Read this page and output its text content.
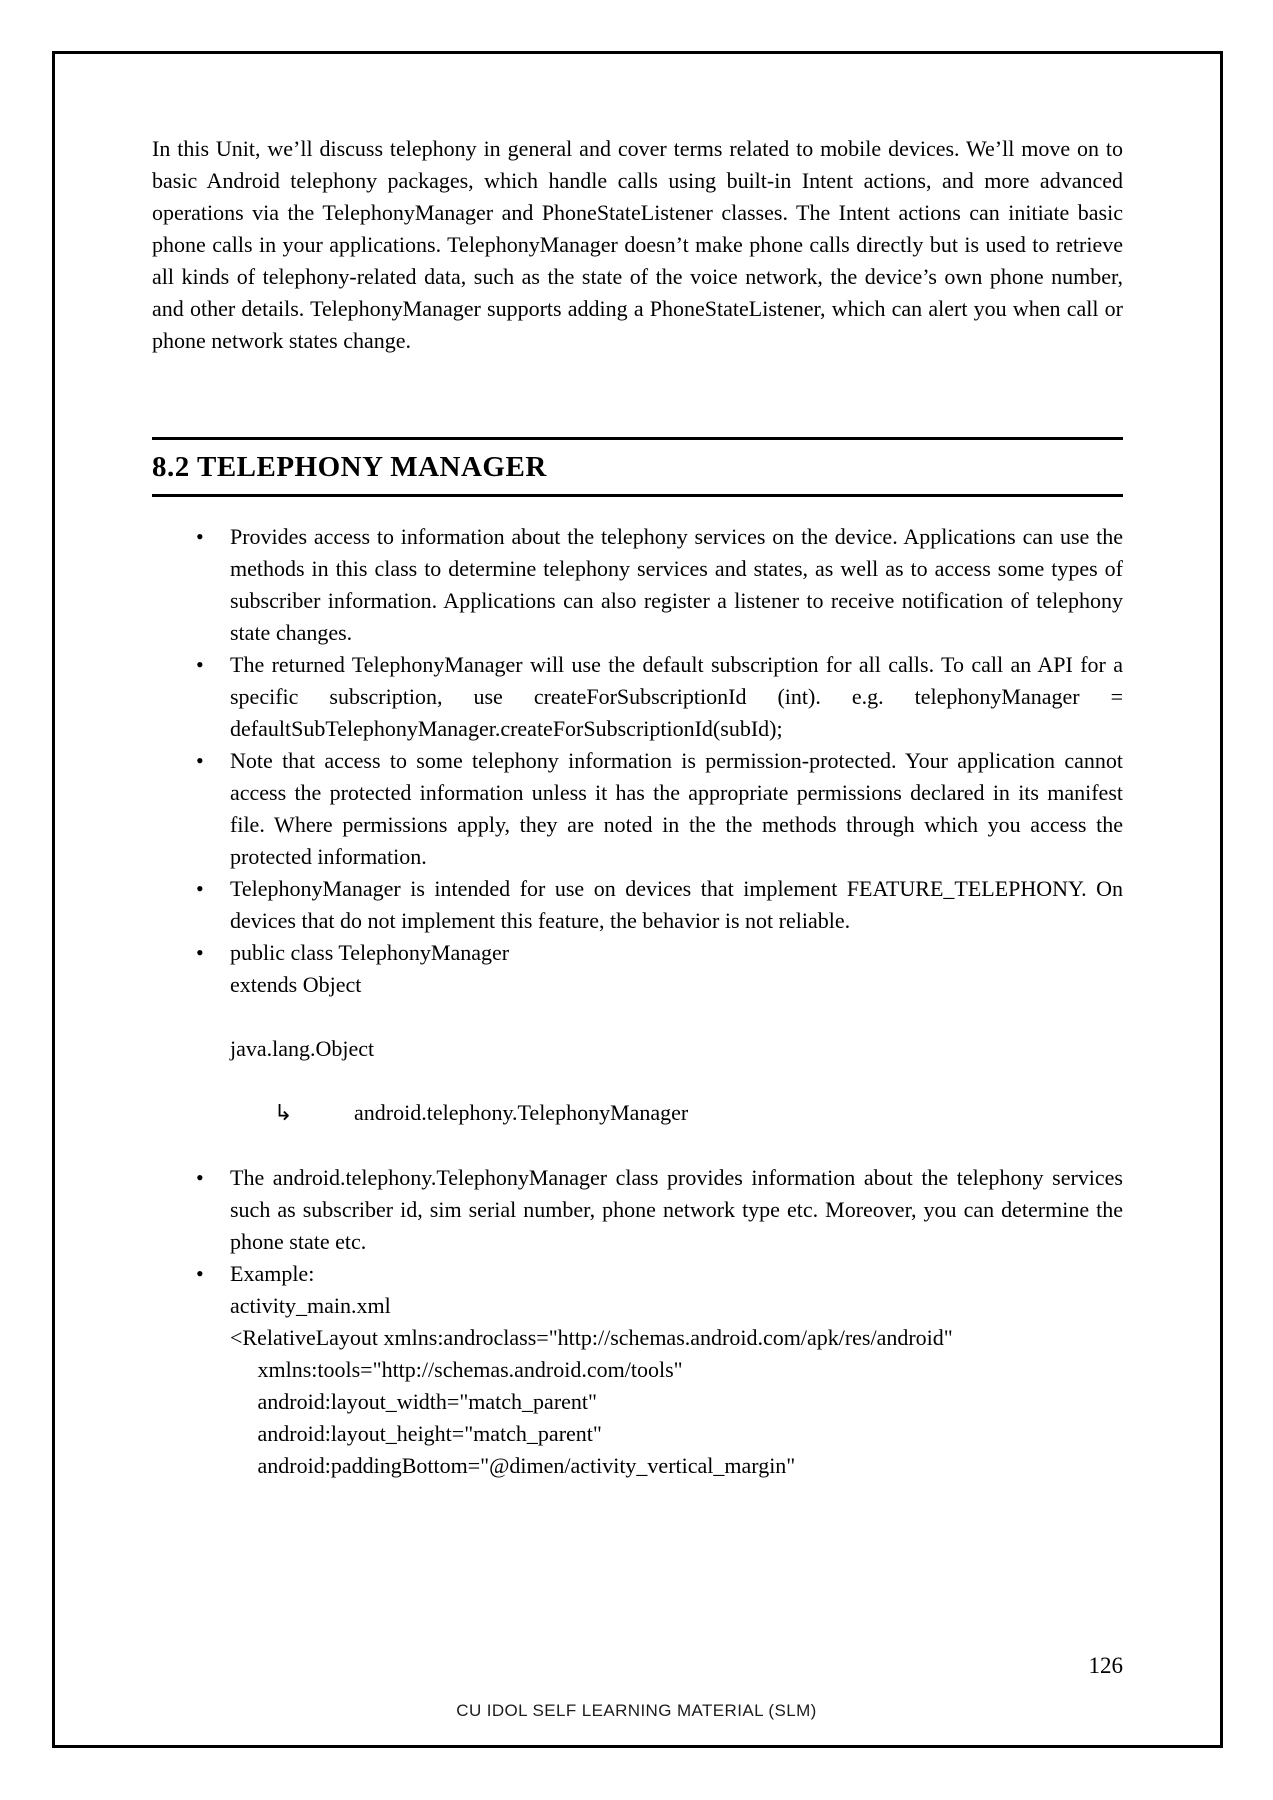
In this Unit, we’ll discuss telephony in general and cover terms related to mobile devices. We’ll move on to basic Android telephony packages, which handle calls using built-in Intent actions, and more advanced operations via the TelephonyManager and PhoneStateListener classes. The Intent actions can initiate basic phone calls in your applications. TelephonyManager doesn’t make phone calls directly but is used to retrieve all kinds of telephony-related data, such as the state of the voice network, the device’s own phone number, and other details. TelephonyManager supports adding a PhoneStateListener, which can alert you when call or phone network states change.

8.2 TELEPHONY MANAGER
•

Provides access to information about the telephony services on the device. Applications can use the methods in this class to determine telephony services and states, as well as to access some types of subscriber information. Applications can also register a listener to receive notification of telephony state changes.

•

The returned TelephonyManager will use the default subscription for all calls. To call an API for a specific subscription, use createForSubscriptionId (int). e.g. telephonyManager = defaultSubTelephonyManager.createForSubscriptionId(subId);

•

Note that access to some telephony information is permission-protected. Your application cannot access the protected information unless it has the appropriate permissions declared in its manifest file. Where permissions apply, they are noted in the the methods through which you access the protected information.

•

TelephonyManager is intended for use on devices that implement FEATURE_TELEPHONY. On devices that do not implement this feature, the behavior is not reliable.

•

public class TelephonyManager

extends Object
java.lang.Object

↳	android.telephony.TelephonyManager

•

The android.telephony.TelephonyManager class provides information about the telephony services such as subscriber id, sim serial number, phone network type etc. Moreover, you can determine the phone state etc.

•

Example:

activity_main.xml
<RelativeLayout xmlns:androclass="http://schemas.android.com/apk/res/android"
xmlns:tools="http://schemas.android.com/tools"
android:layout_width="match_parent"
android:layout_height="match_parent"
android:paddingBottom="@dimen/activity_vertical_margin"
126
CU IDOL SELF LEARNING MATERIAL (SLM)
